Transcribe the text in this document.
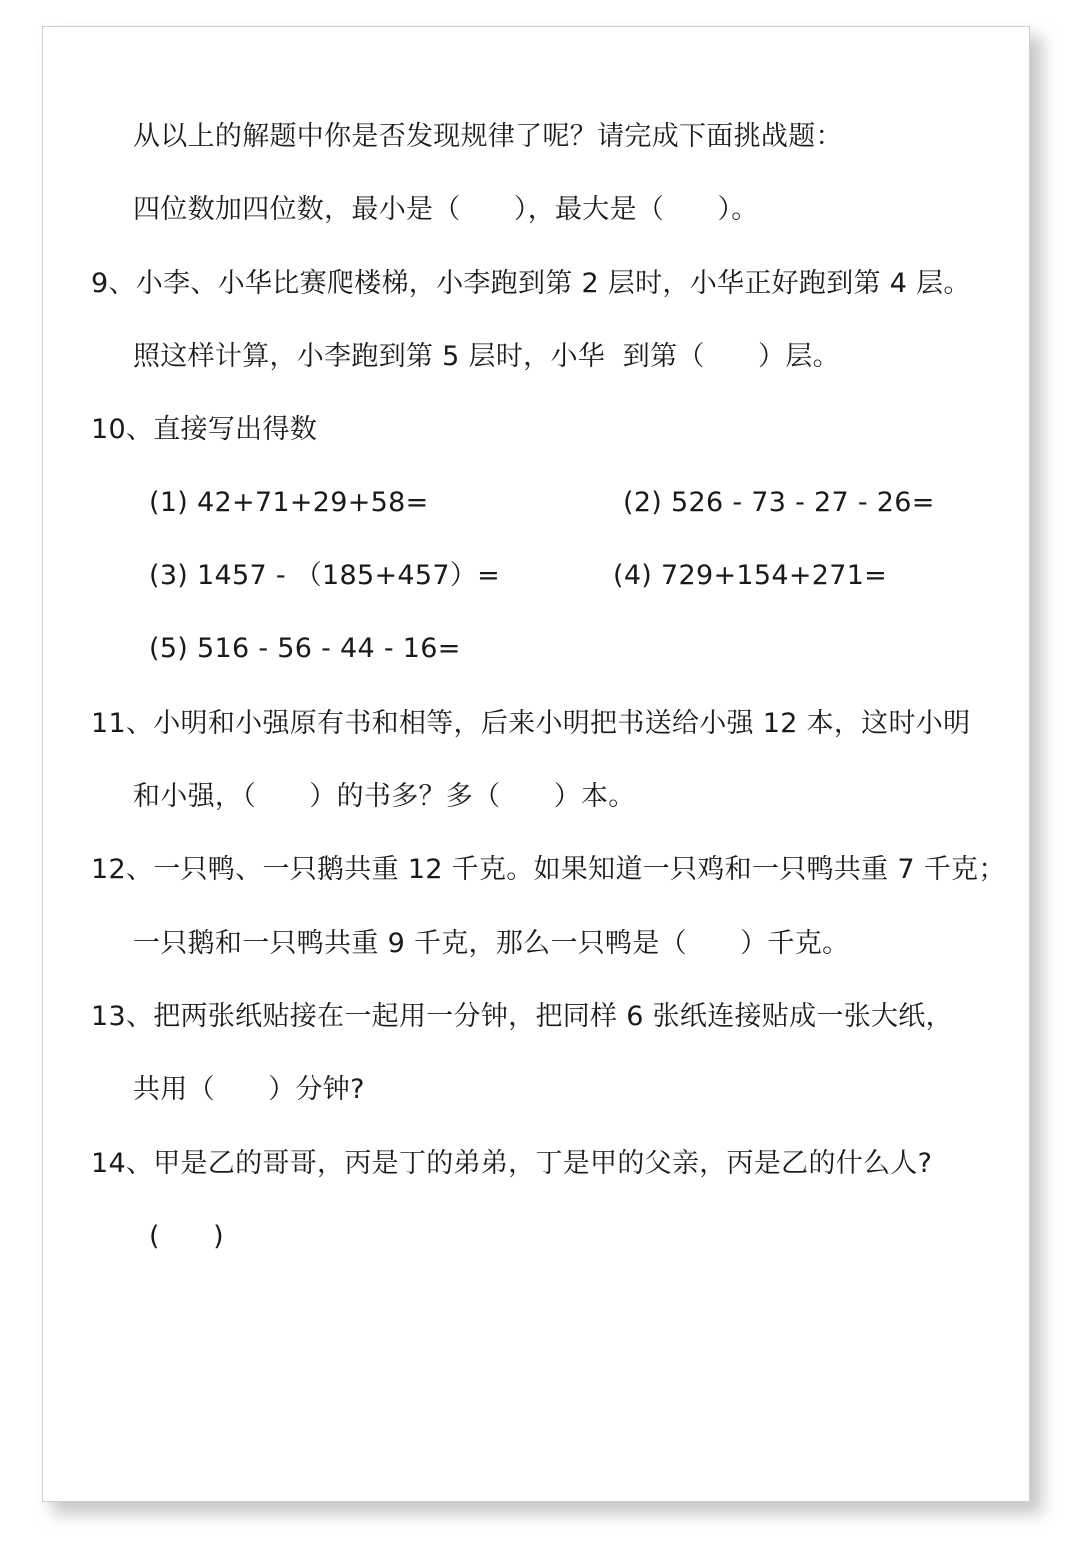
从以上的解题中你是否发现规律了呢？请完成下面挑战题：
四位数加四位数，最小是（      ），最大是（      ）。
9、小李、小华比赛爬楼梯，小李跑到第 2 层时，小华正好跑到第 4 层。
照这样计算，小李跑到第 5 层时，小华  到第（      ）层。
10、直接写出得数
(1) 42+71+29+58=	(2) 526 - 73 - 27 - 26=
(3) 1457 - （185+457）=	(4) 729+154+271=
(5) 516 - 56 - 44 - 16=
11、小明和小强原有书和相等，后来小明把书送给小强 12 本，这时小明
和小强，（      ）的书多？多（      ）本。
12、一只鸭、一只鹅共重 12 千克。如果知道一只鸡和一只鸭共重 7 千克；
一只鹅和一只鸭共重 9 千克，那么一只鸭是（      ）千克。
13、把两张纸贴接在一起用一分钟，把同样 6 张纸连接贴成一张大纸，
共用（      ）分钟?
14、甲是乙的哥哥，丙是丁的弟弟，丁是甲的父亲，丙是乙的什么人?
(      )
